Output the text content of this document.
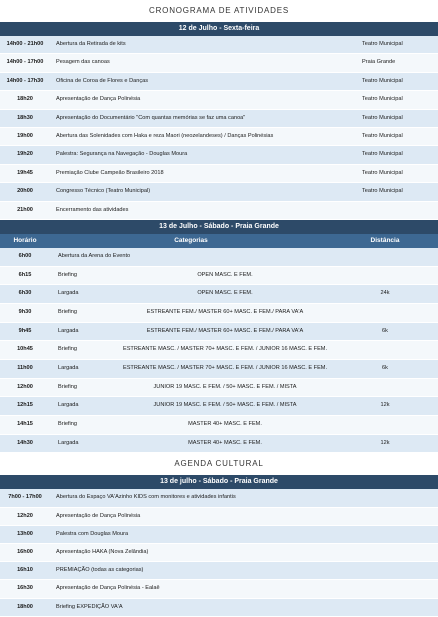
CRONOGRAMA DE ATIVIDADES
12 de Julho - Sexta-feira
14h00 - 21h00	Abertura da Retirada de kits	Teatro Municipal
14h00 - 17h00	Pesagem das canoas	Praia Grande
14h00 - 17h30	Oficina de Coroa de Flores e Danças	Teatro Municipal
18h20	Apresentação de Dança Polinésia	Teatro Municipal
18h30	Apresentação do Documentário "Com quantas memórias se faz uma canoa"	Teatro Municipal
19h00	Abertura das Solenidades com Haka e reza Maori (neozelandeses) / Danças Polinésias	Teatro Municipal
19h20	Palestra: Segurança na Navegação - Douglas Moura	Teatro Municipal
19h45	Premiação Clube Campeão Brasileiro 2018	Teatro Municipal
20h00	Congresso Técnico (Teatro Municipal)	Teatro Municipal
21h00	Encerramento das atividades
13 de Julho - Sábado - Praia Grande
Horário	Categorias	Distância
6h00	Abertura da Arena do Evento
6h15	Briefing	OPEN MASC. E FEM.
6h30	Largada	OPEN MASC. E FEM.	24k
9h30	Briefing	ESTREANTE FEM./ MASTER 60+ MASC. E FEM./ PARA VA'A
9h45	Largada	ESTREANTE FEM./ MASTER 60+ MASC. E FEM./ PARA VA'A	6k
10h45	Briefing	ESTREANTE MASC. / MASTER 70+ MASC. E FEM. / JUNIOR 16 MASC. E FEM.
11h00	Largada	ESTREANTE MASC. / MASTER 70+ MASC. E FEM. / JUNIOR 16 MASC. E FEM.	6k
12h00	Briefing	JUNIOR 19 MASC. E FEM. / 50+ MASC. E FEM. / MISTA
12h15	Largada	JUNIOR 19 MASC. E FEM. / 50+ MASC. E FEM. / MISTA	12k
14h15	Briefing	MASTER 40+ MASC. E FEM.
14h30	Largada	MASTER 40+ MASC. E FEM.	12k
AGENDA CULTURAL
13 de julho - Sábado - Praia Grande
7h00 - 17h00	Abertura do Espaço VA'Azinho KIDS com monitores e atividades infantis
12h20	Apresentação de Dança Polinésia
13h00	Palestra com Douglas Moura
16h00	Apresentação HAKA (Nova Zelândia)
16h10	PREMIAÇÃO (todas as categorias)
16h30	Apresentação de Dança Polinésia - Ealaê
18h00	Briefing EXPEDIÇÃO VA'A
